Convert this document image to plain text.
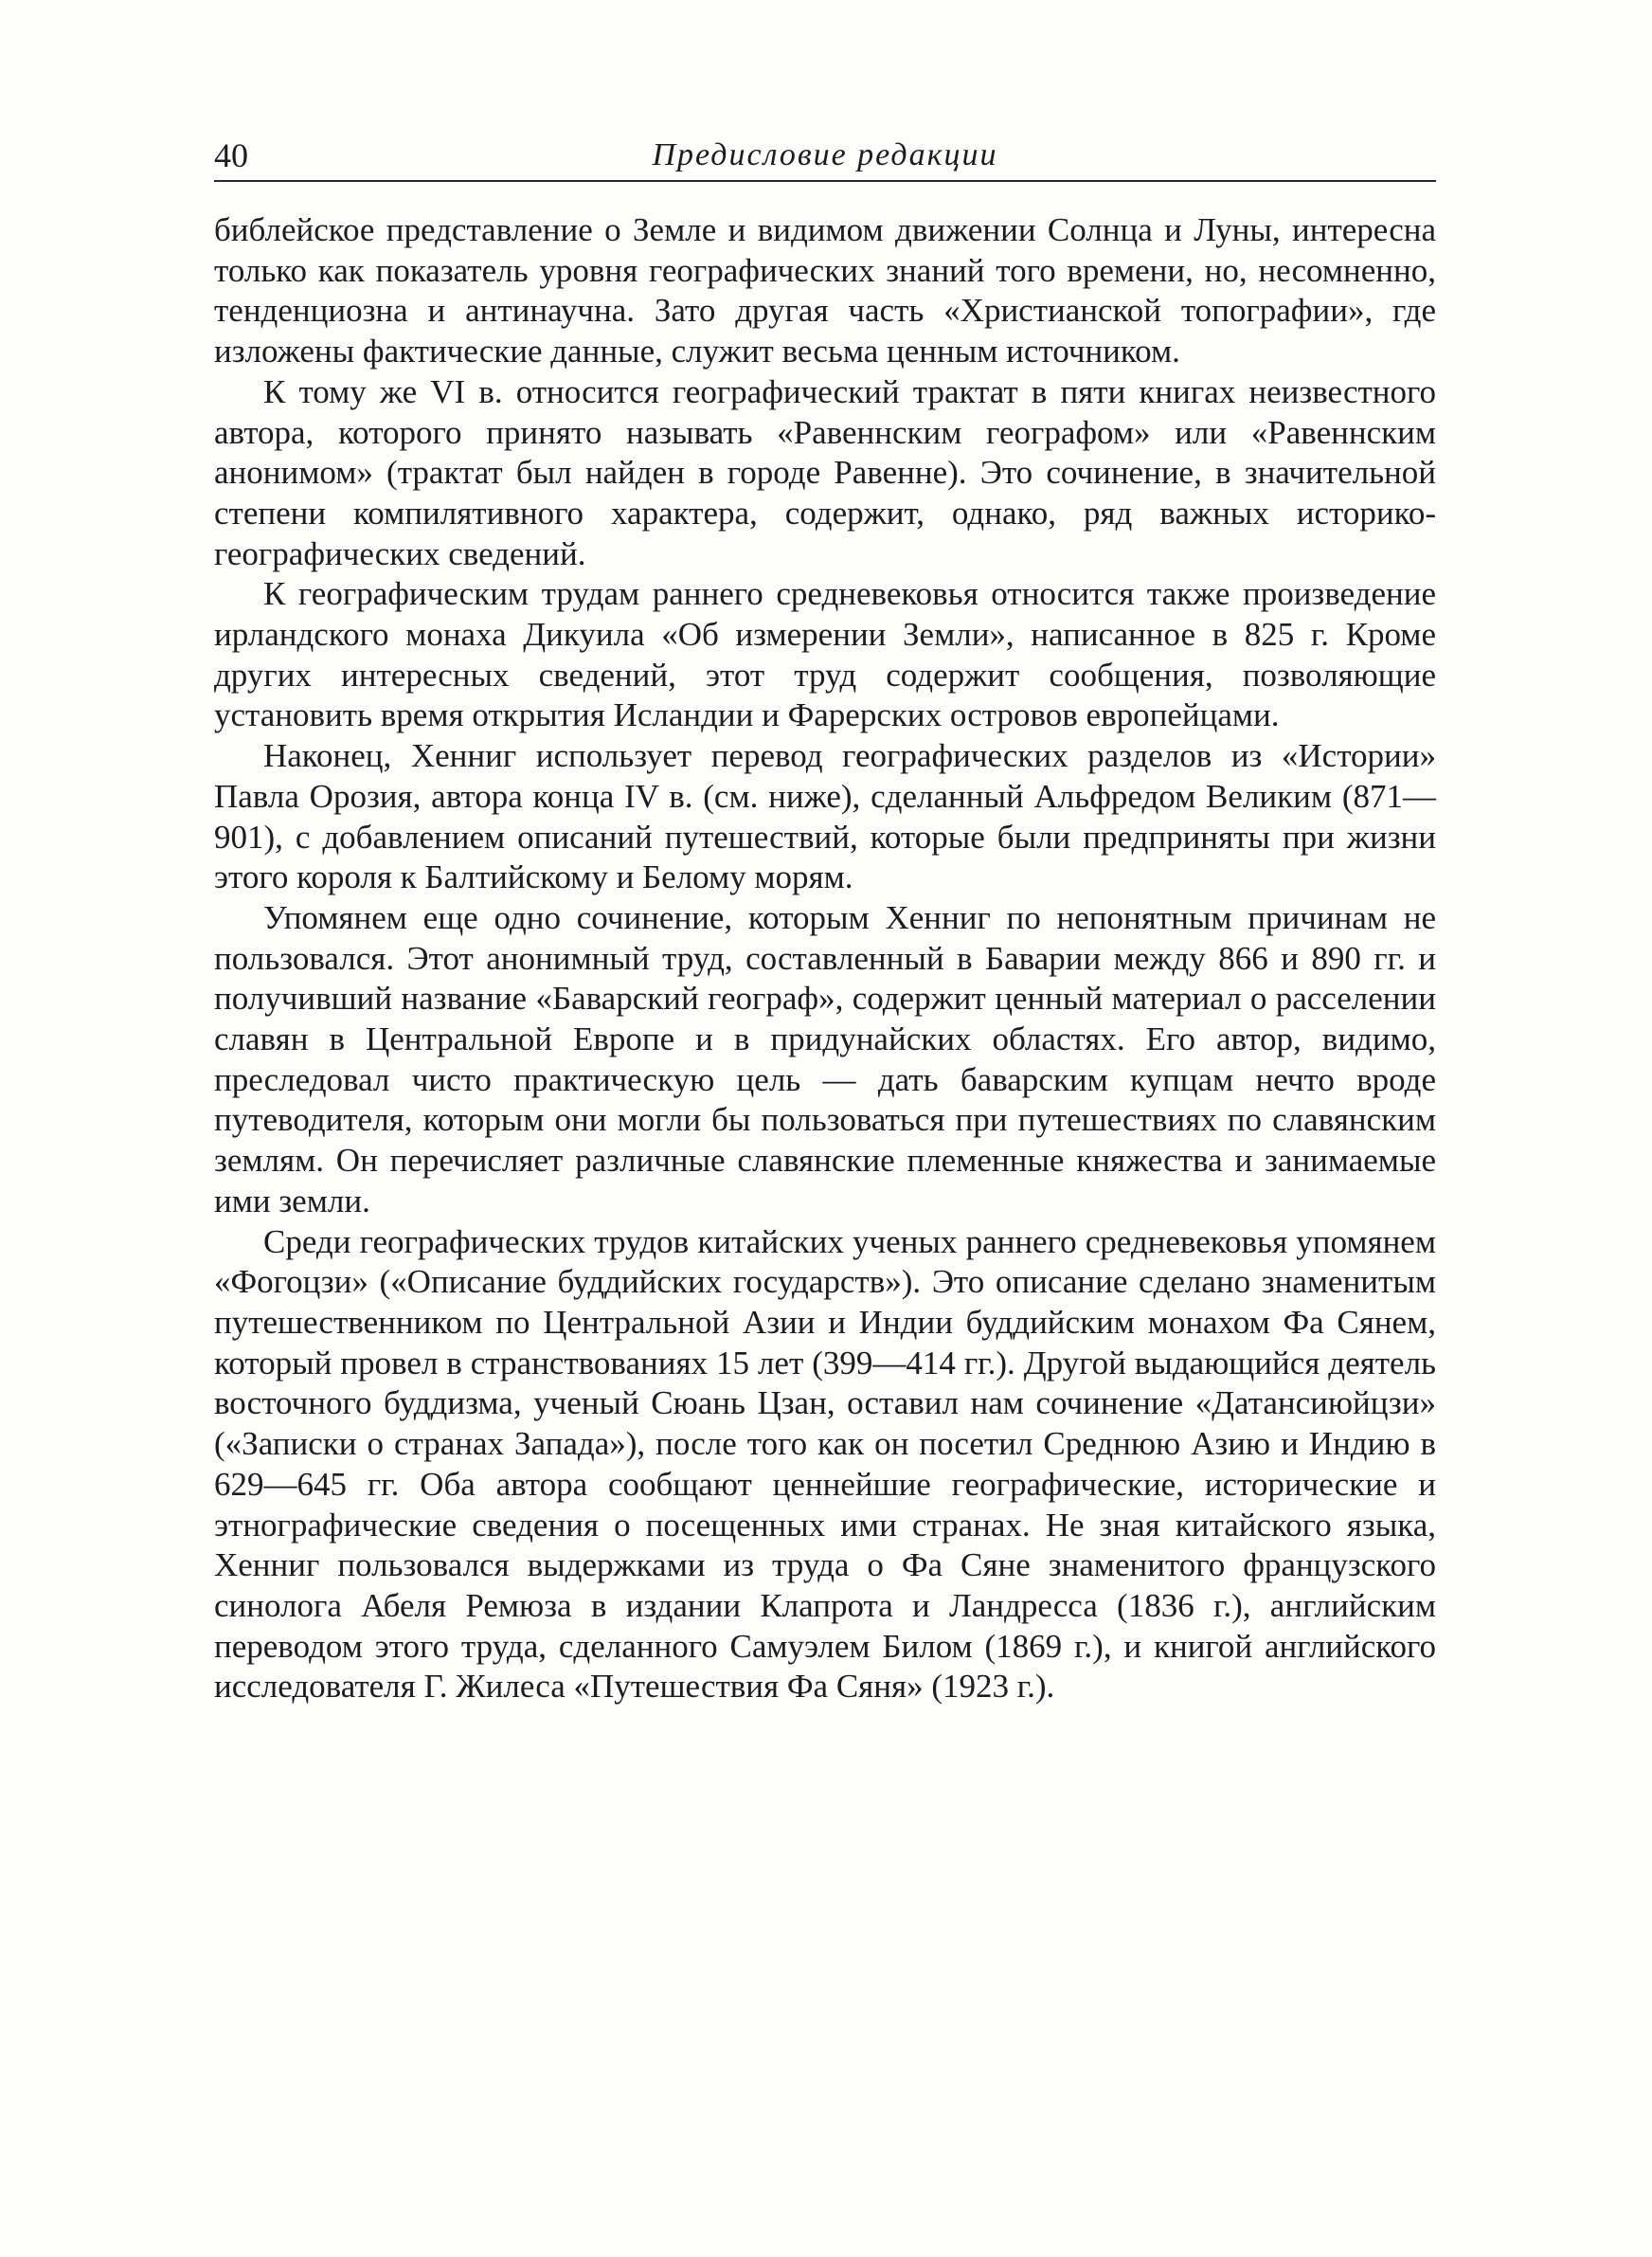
40	Предисловие редакции

библейское представление о Земле и видимом движении Солнца и Луны, интересна только как показатель уровня географических знаний того времени, но, несомненно, тенденциозна и антинаучна. Зато другая часть «Христианской топографии», где изложены фактические данные, служит весьма ценным источником.

К тому же VI в. относится географический трактат в пяти книгах неизвестного автора, которого принято называть «Равеннским географом» или «Равеннским анонимом» (трактат был найден в городе Равенне). Это сочинение, в значительной степени компилятивного характера, содержит, однако, ряд важных историко-географических сведений.

К географическим трудам раннего средневековья относится также произведение ирландского монаха Дикуила «Об измерении Земли», написанное в 825 г. Кроме других интересных сведений, этот труд содержит сообщения, позволяющие установить время открытия Исландии и Фарерских островов европейцами.

Наконец, Хенниг использует перевод географических разделов из «Истории» Павла Орозия, автора конца IV в. (см. ниже), сделанный Альфредом Великим (871—901), с добавлением описаний путешествий, которые были предприняты при жизни этого короля к Балтийскому и Белому морям.

Упомянем еще одно сочинение, которым Хенниг по непонятным причинам не пользовался. Этот анонимный труд, составленный в Баварии между 866 и 890 гг. и получивший название «Баварский географ», содержит ценный материал о расселении славян в Центральной Европе и в придунайских областях. Его автор, видимо, преследовал чисто практическую цель — дать баварским купцам нечто вроде путеводителя, которым они могли бы пользоваться при путешествиях по славянским землям. Он перечисляет различные славянские племенные княжества и занимаемые ими земли.

Среди географических трудов китайских ученых раннего средневековья упомянем «Фогоцзи» («Описание буддийских государств»). Это описание сделано знаменитым путешественником по Центральной Азии и Индии буддийским монахом Фа Сянем, который провел в странствованиях 15 лет (399—414 гг.). Другой выдающийся деятель восточного буддизма, ученый Сюань Цзан, оставил нам сочинение «Датансиюйцзи» («Записки о странах Запада»), после того как он посетил Среднюю Азию и Индию в 629—645 гг. Оба автора сообщают ценнейшие географические, исторические и этнографические сведения о посещенных ими странах. Не зная китайского языка, Хенниг пользовался выдержками из труда о Фа Сяне знаменитого французского синолога Абеля Ремюза в издании Клапрота и Ландресса (1836 г.), английским переводом этого труда, сделанного Самуэлем Билом (1869 г.), и книгой английского исследователя Г. Жилеса «Путешествия Фа Сяня» (1923 г.).
